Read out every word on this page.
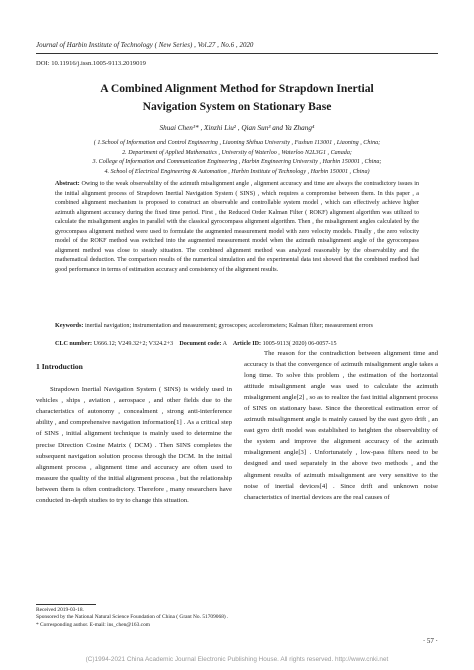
Journal of Harbin Institute of Technology ( New Series) , Vol.27 , No.6 , 2020
DOI: 10.11916/j.issn.1005-9113.2019019
A Combined Alignment Method for Strapdown Inertial
Navigation System on Stationary Base
Shuai Chen¹* , Xinzhi Liu² , Qian Sun³ and Ya Zhang⁴
( 1.School of Information and Control Engineering , Liaoning Shihua University , Fushun 113001 , Liaoning , China;
2. Department of Applied Mathematics , University of Waterloo , Waterloo N2L3G1 , Canada;
3. College of Information and Communication Engineering , Harbin Engineering University , Harbin 150001 , China;
4. School of Electrical Engineering & Automation , Harbin Institute of Technology , Harbin 150001 , China)
Abstract: Owing to the weak observability of the azimuth misalignment angle , alignment accuracy and time are always the contradictory issues in the initial alignment process of Strapdown Inertial Navigation System ( SINS) , which requires a compromise between them. In this paper , a combined alignment mechanism is proposed to construct an observable and controllable system model , which can effectively achieve higher azimuth alignment accuracy during the fixed time period. First , the Reduced Order Kalman Filter ( ROKF) alignment algorithm was utilized to calculate the misalignment angles in parallel with the classical gyrocompass alignment algorithm. Then , the misalignment angles calculated by the gyrocompass alignment method were used to formulate the augmented measurement model with zero velocity models. Finally , the zero velocity model of the ROKF method was switched into the augmented measurement model when the azimuth misalignment angle of the gyrocompass alignment method was close to steady situation. The combined alignment method was analyzed reasonably by the observability and the mathematical deduction. The comparison results of the numerical simulation and the experimental data test showed that the combined method had good performance in terms of estimation accuracy and consistency of the alignment results.
Keywords: inertial navigation; instrumentation and measurement; gyroscopes; accelerometers; Kalman filter; measurement errors
CLC number: U666.12; V249.32+2; V324.2+3 Document code: A Article ID: 1005-9113( 2020) 06-0057-15
1 Introduction

Strapdown Inertial Navigation System ( SINS) is widely used in vehicles , ships , aviation , aerospace , and other fields due to the characteristics of autonomy , concealment , strong anti-interference ability , and comprehensive navigation information[1] . As a critical step of SINS , initial alignment technique is mainly used to determine the precise Direction Cosine Matrix ( DCM) . Then SINS completes the subsequent navigation solution process through the DCM. In the initial alignment process , alignment time and accuracy are often used to measure the quality of the initial alignment process , but the relationship between them is often contradictory. Therefore , many researchers have conducted in-depth studies to try to change this situation.

The reason for the contradiction between alignment time and accuracy is that the convergence of azimuth misalignment angle takes a long time. To solve this problem , the estimation of the horizontal attitude misalignment angle was used to calculate the azimuth misalignment angle[2] , so as to realize the fast initial alignment process of SINS on stationary base. Since the theoretical estimation error of azimuth misalignment angle is mainly caused by the east gyro drift , an east gyro drift model was established to heighten the observability of the system and improve the alignment accuracy of the azimuth misalignment angle[3] . Unfortunately , low-pass filters need to be designed and used separately in the above two methods , and the alignment results of azimuth misalignment are very sensitive to the noise of inertial devices[4] . Since drift and unknown noise characteristics of inertial devices are the real causes of

Received 2019-03-18.
Sponsored by the National Natural Science Foundation of China ( Grant No. 51709068) .
* Corresponding author. E-mail: ins_chen@163.com
· 57 ·
(C)1994-2021 China Academic Journal Electronic Publishing House. All rights reserved. http://www.cnki.net
